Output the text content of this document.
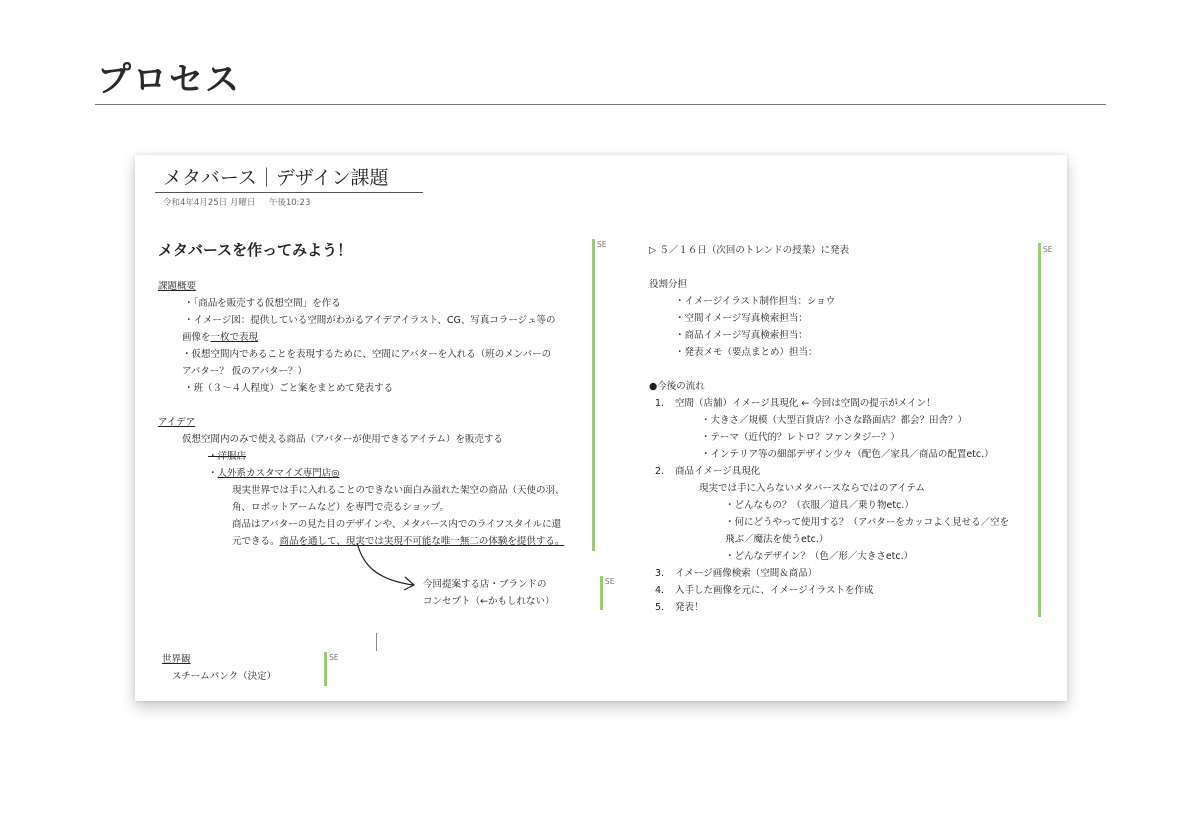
プロセス
メタバース｜デザイン課題
令和4年4月25日 月曜日 午後10:23
メタバースを作ってみよう！
課題概要
・「商品を販売する仮想空間」を作る
・イメージ図：提供している空間がわかるアイデアイラスト、CG、写真コラージュ等の
画像を一枚で表現
・仮想空間内であることを表現するために、空間にアバターを入れる（班のメンバーの
アバター？ 仮のアバター？）
・班（３〜４人程度）ごと案をまとめて発表する
アイデア
仮想空間内のみで使える商品（アバターが使用できるアイテム）を販売する
・洋服店
・人外系カスタマイズ専門店◎
現実世界では手に入れることのできない面白み溢れた架空の商品（天使の羽、
角、ロボットアームなど）を専門で売るショップ。
商品はアバターの見た目のデザインや、メタバース内でのライフスタイルに還
元できる。商品を通して、現実では実現不可能な唯一無二の体験を提供する。
SE
今回提案する店・ブランドの
コンセプト（←かもしれない）
SE
世界観
スチームパンク（決定）
SE
▷ ５／１６日（次回のトレンドの授業）に発表
役割分担
・イメージイラスト制作担当：ショウ
・空間イメージ写真検索担当：
・商品イメージ写真検索担当：
・発表メモ（要点まとめ）担当：
●今後の流れ
1. 空間（店舗）イメージ具現化 ← 今回は空間の提示がメイン！
・大きさ／規模（大型百貨店？小さな路面店？都会？田舎？）
・テーマ（近代的？レトロ？ファンタジー？）
・インテリア等の細部デザイン少々（配色／家具／商品の配置etc.）
2. 商品イメージ具現化
現実では手に入らないメタバースならではのアイテム
・どんなもの？（衣服／道具／乗り物etc.）
・何にどうやって使用する？（アバターをカッコよく見せる／空を
飛ぶ／魔法を使うetc.）
・どんなデザイン？（色／形／大きさetc.）
3. イメージ画像検索（空間＆商品）
4. 入手した画像を元に、イメージイラストを作成
5. 発表！
SE
